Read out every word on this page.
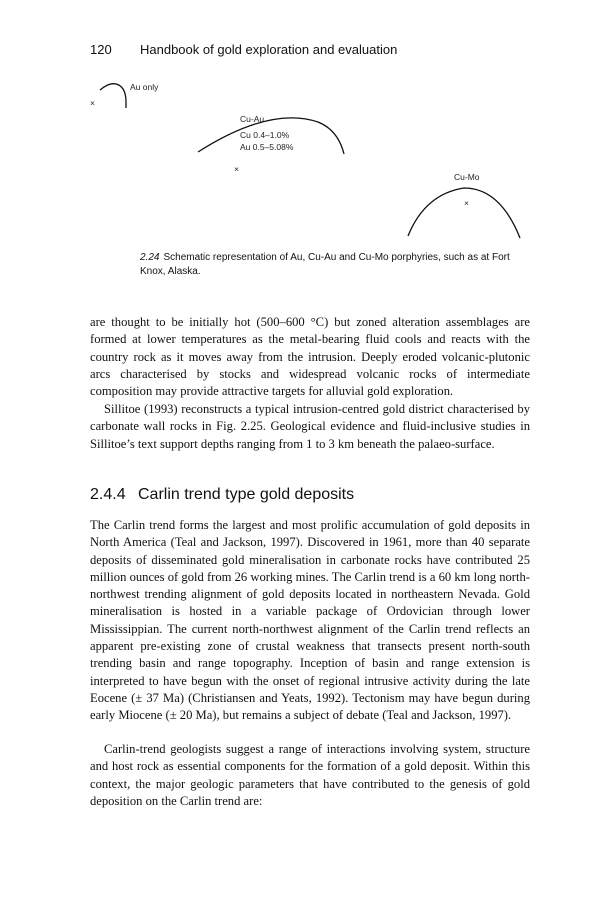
120 Handbook of gold exploration and evaluation
Au only
×
Cu-Au
Cu 0.4–1.0%
Au 0.5–5.08%
×
Cu-Mo
×
2.24 Schematic representation of Au, Cu-Au and Cu-Mo porphyries, such as at Fort Knox, Alaska.

are thought to be initially hot (500–600 °C) but zoned alteration assemblages are formed at lower temperatures as the metal-bearing fluid cools and reacts with the country rock as it moves away from the intrusion. Deeply eroded volcanic-plutonic arcs characterised by stocks and widespread volcanic rocks of intermediate composition may provide attractive targets for alluvial gold exploration.

Sillitoe (1993) reconstructs a typical intrusion-centred gold district characterised by carbonate wall rocks in Fig. 2.25. Geological evidence and fluid-inclusive studies in Sillitoe’s text support depths ranging from 1 to 3 km beneath the palaeo-surface.

2.4.4 Carlin trend type gold deposits

The Carlin trend forms the largest and most prolific accumulation of gold deposits in North America (Teal and Jackson, 1997). Discovered in 1961, more than 40 separate deposits of disseminated gold mineralisation in carbonate rocks have contributed 25 million ounces of gold from 26 working mines. The Carlin trend is a 60 km long north-northwest trending alignment of gold deposits located in northeastern Nevada. Gold mineralisation is hosted in a variable package of Ordovician through lower Mississippian. The current north-northwest alignment of the Carlin trend reflects an apparent pre-existing zone of crustal weakness that transects present north-south trending basin and range topography. Inception of basin and range extension is interpreted to have begun with the onset of regional intrusive activity during the late Eocene (± 37 Ma) (Christiansen and Yeats, 1992). Tectonism may have begun during early Miocene (± 20 Ma), but remains a subject of debate (Teal and Jackson, 1997).

Carlin-trend geologists suggest a range of interactions involving system, structure and host rock as essential components for the formation of a gold deposit. Within this context, the major geologic parameters that have contributed to the genesis of gold deposition on the Carlin trend are:
